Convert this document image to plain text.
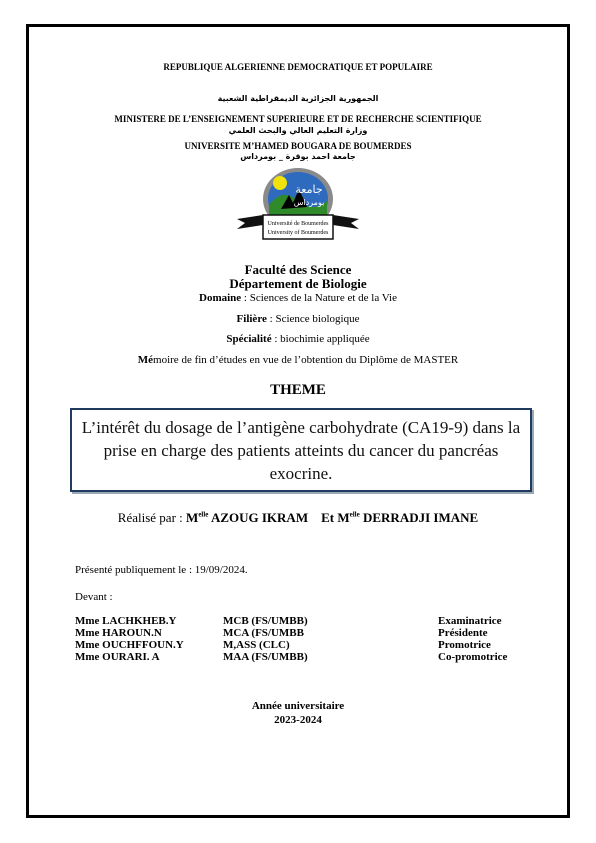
REPUBLIQUE ALGERIENNE DEMOCRATIQUE ET POPULAIRE
الجمهورية الجزائرية الديمقراطية الشعبية
MINISTERE DE L’ENSEIGNEMENT SUPERIEURE ET DE RECHERCHE SCIENTIFIQUE
وزارة التعليم العالي والبحث العلمي
UNIVERSITE M’HAMED BOUGARA DE BOUMERDES
جامعة احمد بوقرة _ بومرداس
جامعة
بومرداس
Université de Boumerdes
University of Boumerdes
Faculté des Science
Département de Biologie
Domaine : Sciences de la Nature et de la Vie
Filière : Science biologique
Spécialité : biochimie appliquée
Mémoire de fin d’études en vue de l’obtention du Diplôme de MASTER
THEME
L’intérêt du dosage de l’antigène carbohydrate (CA19-9) dans la prise en charge des patients atteints du cancer du pancréas exocrine.
Réalisé par : $M^{elle}$ AZOUG IKRAM    Et $M^{elle}$ DERRADJI IMANE
Présenté publiquement le : 19/09/2024.
Devant :
Mme LACHKHEB.Y
Mme HAROUN.N
Mme OUCHFFOUN.Y
Mme OURARI. A
MCB (FS/UMBB)
MCA (FS/UMBB
M,ASS (CLC)
MAA (FS/UMBB)
Examinatrice
Présidente
Promotrice
Co-promotrice
Année universitaire
2023-2024
